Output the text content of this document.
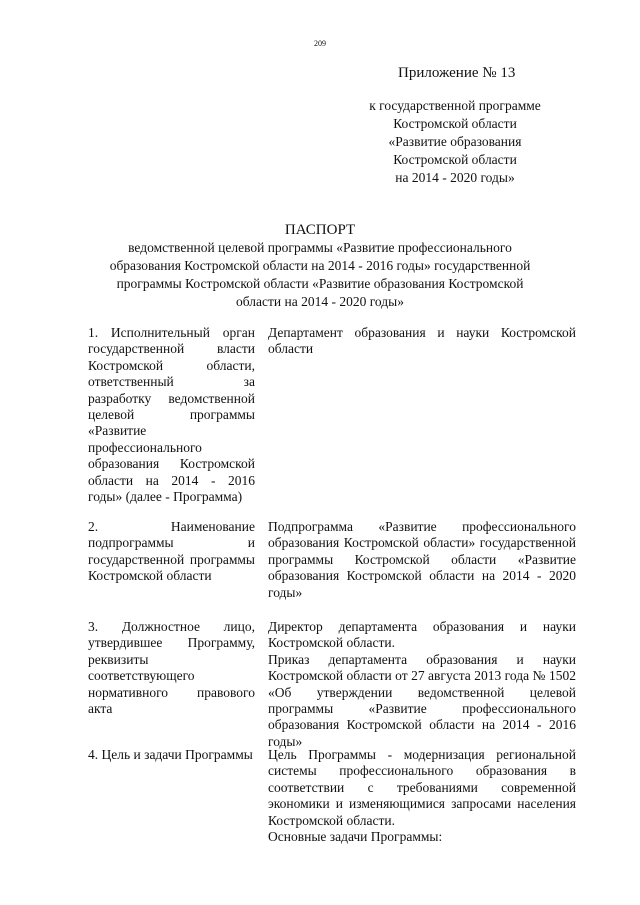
209
Приложение № 13
к государственной программе
Костромской области
«Развитие образования
Костромской области
на 2014 - 2020 годы»
ПАСПОРТ
ведомственной целевой программы «Развитие профессионального
образования Костромской области на 2014 - 2016 годы» государственной
программы Костромской области «Развитие образования Костромской
области на 2014 - 2020 годы»
1. Исполнительный орган государственной власти Костромской области, ответственный за разработку ведомственной целевой программы «Развитие профессионального образования Костромской области на 2014 - 2016 годы» (далее - Программа)

Департамент образования и науки Костромской области

2. Наименование подпрограммы и государственной программы Костромской области

Подпрограмма «Развитие профессионального образования Костромской области» государственной программы Костромской области «Развитие образования Костромской области на 2014 - 2020 годы»

3. Должностное лицо, утвердившее Программу, реквизиты соответствующего нормативного правового акта

Директор департамента образования и науки Костромской области.

Приказ департамента образования и науки Костромской области от 27 августа 2013 года № 1502 «Об утверждении ведомственной целевой программы «Развитие профессионального образования Костромской области на 2014 - 2016 годы»

4. Цель и задачи Программы Цель Программы - модернизация региональной системы профессионального образования в соответствии с требованиями современной экономики и изменяющимися запросами населения Костромской области.

Основные задачи Программы:
